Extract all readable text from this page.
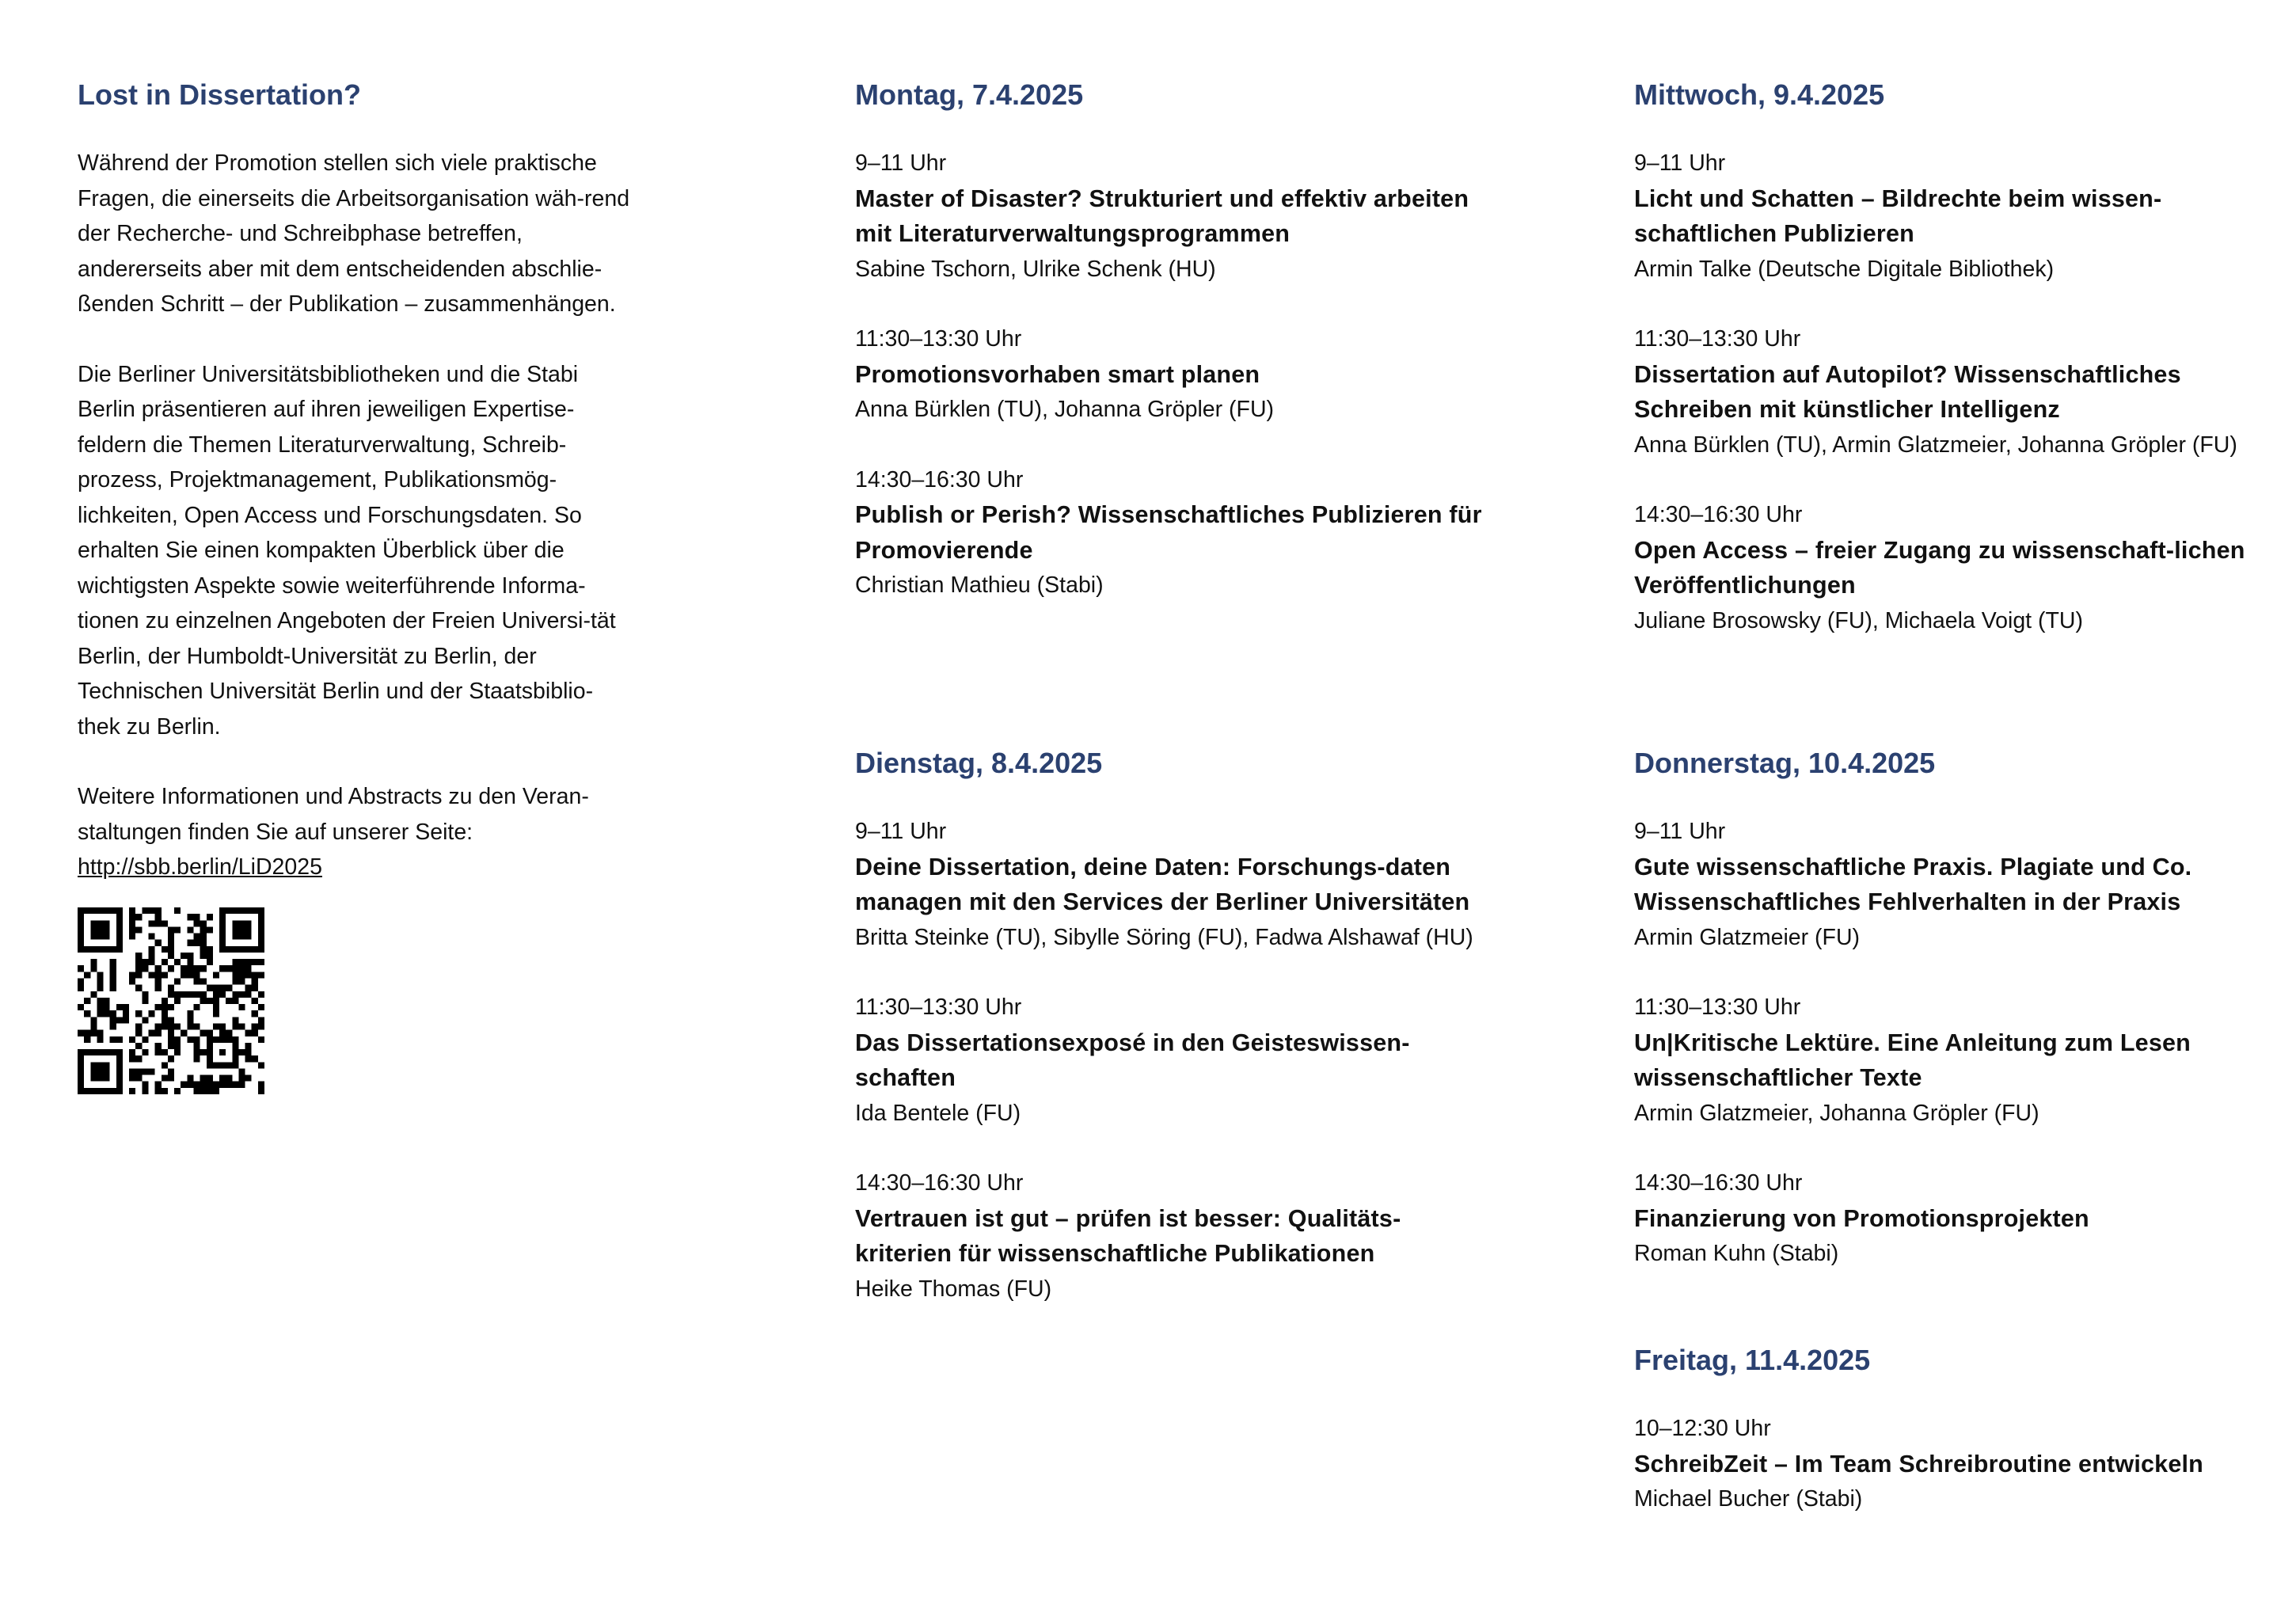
Lost in Dissertation?
Während der Promotion stellen sich viele praktische Fragen, die einerseits die Arbeitsorganisation wäh-rend der Recherche- und Schreibphase betreffen, andererseits aber mit dem entscheidenden abschlie-ßenden Schritt – der Publikation – zusammenhängen.
Die Berliner Universitätsbibliotheken und die Stabi Berlin präsentieren auf ihren jeweiligen Expertise-feldern die Themen Literaturverwaltung, Schreib-prozess, Projektmanagement, Publikationsmög-lichkeiten, Open Access und Forschungsdaten. So erhalten Sie einen kompakten Überblick über die wichtigsten Aspekte sowie weiterführende Informa-tionen zu einzelnen Angeboten der Freien Universi-tät Berlin, der Humboldt-Universität zu Berlin, der Technischen Universität Berlin und der Staatsbiblio-thek zu Berlin.
Weitere Informationen und Abstracts zu den Veran-staltungen finden Sie auf unserer Seite:
http://sbb.berlin/LiD2025
Montag, 7.4.2025
9–11 Uhr
Master of Disaster? Strukturiert und effektiv arbeiten mit Literaturverwaltungsprogrammen
Sabine Tschorn, Ulrike Schenk (HU)
11:30–13:30 Uhr
Promotionsvorhaben smart planen
Anna Bürklen (TU), Johanna Gröpler (FU)
14:30–16:30 Uhr
Publish or Perish? Wissenschaftliches Publizieren für Promovierende
Christian Mathieu (Stabi)
Dienstag, 8.4.2025
9–11 Uhr
Deine Dissertation, deine Daten: Forschungs-daten managen mit den Services der Berliner Universitäten
Britta Steinke (TU), Sibylle Söring (FU), Fadwa Alshawaf (HU)
11:30–13:30 Uhr
Das Dissertationsexposé in den Geisteswissen-schaften
Ida Bentele (FU)
14:30–16:30 Uhr
Vertrauen ist gut – prüfen ist besser: Qualitäts-kriterien für wissenschaftliche Publikationen
Heike Thomas (FU)
Mittwoch, 9.4.2025
9–11 Uhr
Licht und Schatten – Bildrechte beim wissen-schaftlichen Publizieren
Armin Talke (Deutsche Digitale Bibliothek)
11:30–13:30 Uhr
Dissertation auf Autopilot? Wissenschaftliches Schreiben mit künstlicher Intelligenz
Anna Bürklen (TU), Armin Glatzmeier, Johanna Gröpler (FU)
14:30–16:30 Uhr
Open Access – freier Zugang zu wissenschaft-lichen Veröffentlichungen
Juliane Brosowsky (FU), Michaela Voigt (TU)
Donnerstag, 10.4.2025
9–11 Uhr
Gute wissenschaftliche Praxis. Plagiate und Co. Wissenschaftliches Fehlverhalten in der Praxis
Armin Glatzmeier (FU)
11:30–13:30 Uhr
Un|Kritische Lektüre. Eine Anleitung zum Lesen wissenschaftlicher Texte
Armin Glatzmeier, Johanna Gröpler (FU)
14:30–16:30 Uhr
Finanzierung von Promotionsprojekten
Roman Kuhn (Stabi)
Freitag, 11.4.2025
10–12:30 Uhr
SchreibZeit – Im Team Schreibroutine entwickeln
Michael Bucher (Stabi)
